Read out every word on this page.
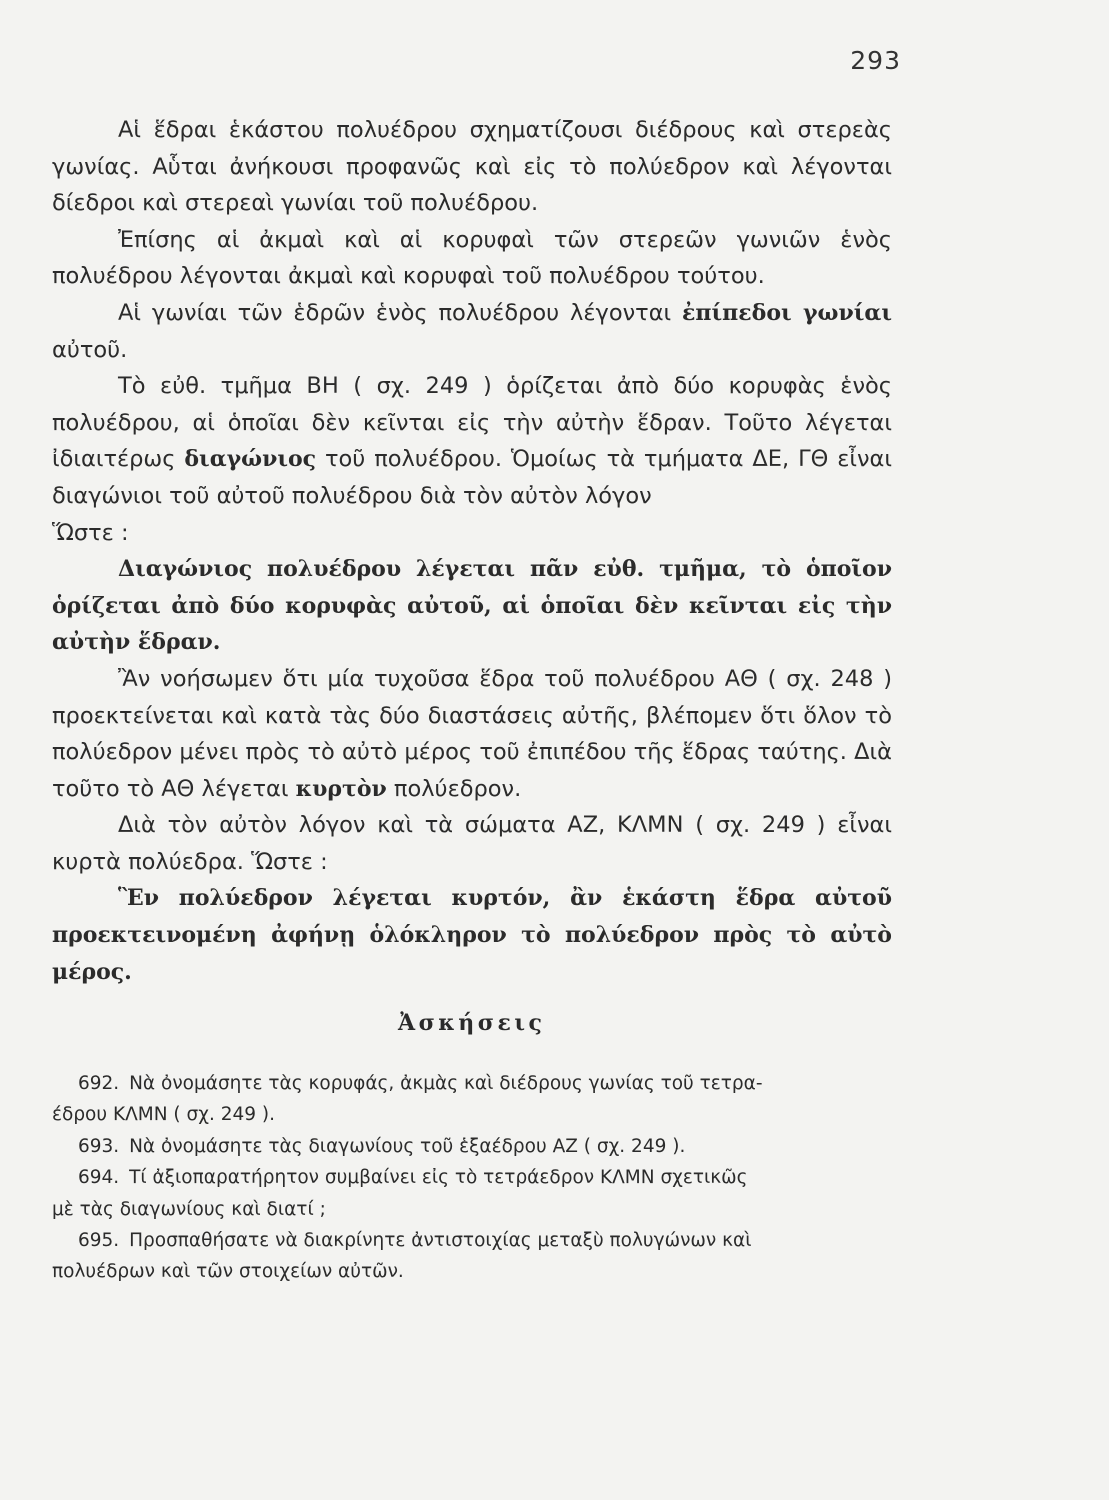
293

Αἱ ἕδραι ἑκάστου πολυέδρου σχηματίζουσι διέδρους καὶ στερεὰς γωνίας. Αὗται ἀνήκουσι προφανῶς καὶ εἰς τὸ πολύεδρον καὶ λέγονται δίεδροι καὶ στερεαὶ γωνίαι τοῦ πολυέδρου.

Ἐπίσης αἱ ἀκμαὶ καὶ αἱ κορυφαὶ τῶν στερεῶν γωνιῶν ἑνὸς πολυέδρου λέγονται ἀκμαὶ καὶ κορυφαὶ τοῦ πολυέδρου τούτου.

Αἱ γωνίαι τῶν ἑδρῶν ἑνὸς πολυέδρου λέγονται ἐπίπεδοι γωνίαι αὐτοῦ.

Τὸ εὐθ. τμῆμα ΒΗ ( σχ. 249 ) ὁρίζεται ἀπὸ δύο κορυφὰς ἑνὸς πολυέδρου, αἱ ὁποῖαι δὲν κεῖνται εἰς τὴν αὐτὴν ἕδραν. Τοῦτο λέγεται ἰδιαιτέρως διαγώνιος τοῦ πολυέδρου. Ὁμοίως τὰ τμήματα ΔΕ, ΓΘ εἶναι διαγώνιοι τοῦ αὐτοῦ πολυέδρου διὰ τὸν αὐτὸν λόγον

Ὥστε :

Διαγώνιος πολυέδρου λέγεται πᾶν εὐθ. τμῆμα, τὸ ὁποῖον ὁρίζεται ἀπὸ δύο κορυφὰς αὐτοῦ, αἱ ὁποῖαι δὲν κεῖνται εἰς τὴν αὐτὴν ἕδραν.

Ἂν νοήσωμεν ὅτι μία τυχοῦσα ἕδρα τοῦ πολυέδρου ΑΘ ( σχ. 248 ) προεκτείνεται καὶ κατὰ τὰς δύο διαστάσεις αὐτῆς, βλέπομεν ὅτι ὅλον τὸ πολύεδρον μένει πρὸς τὸ αὐτὸ μέρος τοῦ ἐπιπέδου τῆς ἕδρας ταύτης. Διὰ τοῦτο τὸ ΑΘ λέγεται κυρτὸν πολύεδρον.

Διὰ τὸν αὐτὸν λόγον καὶ τὰ σώματα ΑΖ, ΚΛΜΝ ( σχ. 249 ) εἶναι κυρτὰ πολύεδρα. Ὥστε :

Ἓν πολύεδρον λέγεται κυρτόν, ἂν ἑκάστη ἕδρα αὐτοῦ προεκτεινομένη ἀφήνῃ ὁλόκληρον τὸ πολύεδρον πρὸς τὸ αὐτὸ μέρος.

Ἀσκήσεις

692. Νὰ ὀνομάσητε τὰς κορυφάς, ἀκμὰς καὶ διέδρους γωνίας τοῦ τετρα-
έδρου ΚΛΜΝ ( σχ. 249 ).

693. Νὰ ὀνομάσητε τὰς διαγωνίους τοῦ ἑξαέδρου ΑΖ ( σχ. 249 ).

694. Τί ἀξιοπαρατήρητον συμβαίνει εἰς τὸ τετράεδρον ΚΛΜΝ σχετικῶς
μὲ τὰς διαγωνίους καὶ διατί ;

695. Προσπαθήσατε νὰ διακρίνητε ἀντιστοιχίας μεταξὺ πολυγώνων καὶ
πολυέδρων καὶ τῶν στοιχείων αὐτῶν.
